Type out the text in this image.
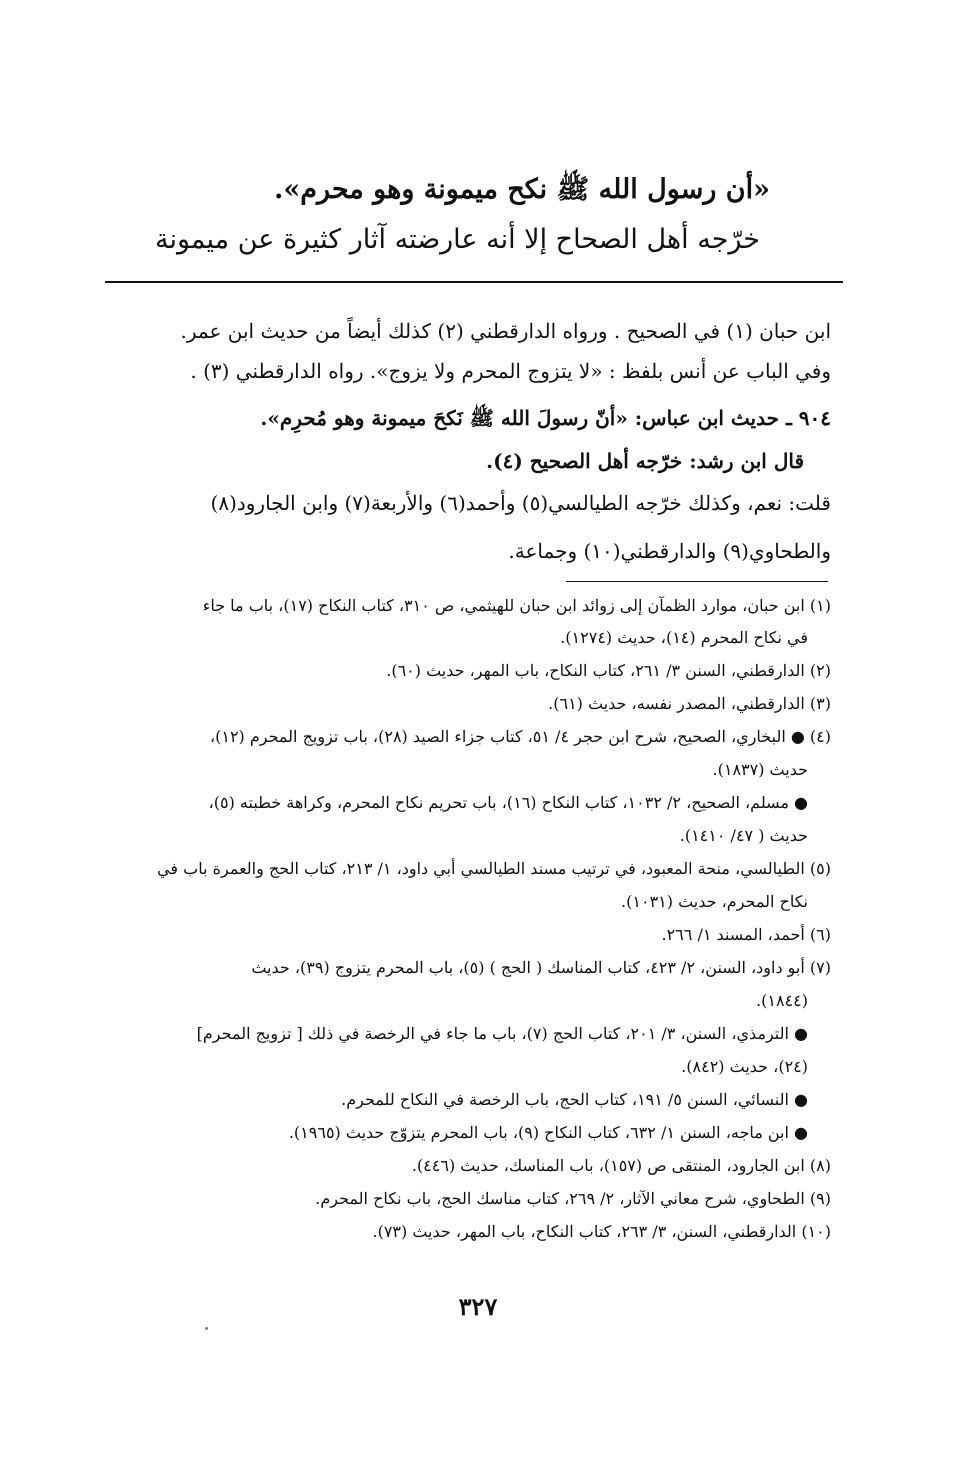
«أن رسول الله ﷺ نكح ميمونة وهو محرم».
خرّجه أهل الصحاح إلا أنه عارضته آثار كثيرة عن ميمونة
ابن حبان (١) في الصحيح . ورواه الدارقطني (٢) كذلك أيضاً من حديث ابن عمر.
وفي الباب عن أنس بلفظ : «لا يتزوج المحرم ولا يزوج». رواه الدارقطني (٣) .
٩٠٤ ـ حديث ابن عباس: «أنّ رسولَ الله ﷺ نَكحَ ميمونة وهو مُحرِم».
قال ابن رشد: خرّجه أهل الصحيح (٤).
قلت: نعم، وكذلك خرّجه الطيالسي(٥) وأحمد(٦) والأربعة(٧) وابن الجارود(٨)
والطحاوي(٩) والدارقطني(١٠) وجماعة.
(١) ابن حبان، موارد الظمآن إلى زوائد ابن حبان للهيثمي، ص ٣١٠، كتاب النكاح (١٧)، باب ما جاء
في نكاح المحرم (١٤)، حديث (١٢٧٤).
(٢) الدارقطني، السنن ٣/ ٢٦١، كتاب النكاح، باب المهر، حديث (٦٠).
(٣) الدارقطني، المصدر نفسه، حديث (٦١).
(٤) ● البخاري، الصحيح، شرح ابن حجر ٤/ ٥١، كتاب جزاء الصيد (٢٨)، باب تزويج المحرم (١٢)،
حديث (١٨٣٧).
● مسلم، الصحيح، ٢/ ١٠٣٢، كتاب النكاح (١٦)، باب تحريم نكاح المحرم، وكراهة خطبته (٥)،
حديث ( ٤٧/ ١٤١٠).
(٥) الطيالسي، منحة المعبود، في ترتيب مسند الطيالسي أبي داود، ١/ ٢١٣، كتاب الحج والعمرة باب في
نكاح المحرم، حديث (١٠٣١).
(٦) أحمد، المسند ١/ ٢٦٦.
(٧) أبو داود، السنن، ٢/ ٤٢٣، كتاب المناسك ( الحج ) (٥)، باب المحرم يتزوج (٣٩)، حديث
(١٨٤٤).
● الترمذي، السنن، ٣/ ٢٠١، كتاب الحج (٧)، باب ما جاء في الرخصة في ذلك [ تزويج المحرم]
(٢٤)، حديث (٨٤٢).
● النسائي، السنن ٥/ ١٩١، كتاب الحج، باب الرخصة في النكاح للمحرم.
● ابن ماجه، السنن ١/ ٦٣٢، كتاب النكاح (٩)، باب المحرم يتزوّج حديث (١٩٦٥).
(٨) ابن الجارود، المنتقى ص (١٥٧)، باب المناسك، حديث (٤٤٦).
(٩) الطحاوي، شرح معاني الآثار، ٢/ ٢٦٩، كتاب مناسك الحج، باب نكاح المحرم.
(١٠) الدارقطني، السنن، ٣/ ٢٦٣، كتاب النكاح، باب المهر، حديث (٧٣).
٣٢٧
